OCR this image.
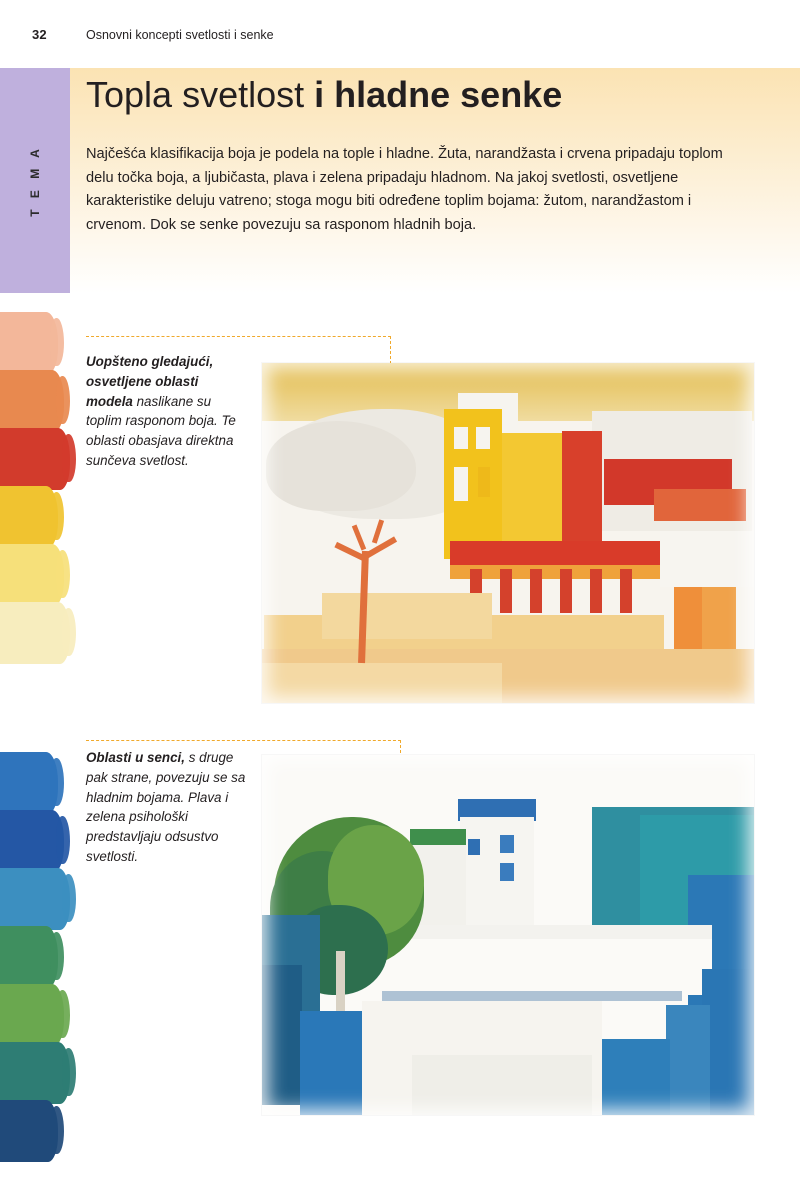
32	Osnovni koncepti svetlosti i senke
T E M A
Topla svetlost i hladne senke
Najčešća klasifikacija boja je podela na tople i hladne. Žuta, narandžasta i crvena pripadaju toplom delu točka boja, a ljubičasta, plava i zelena pripadaju hladnom. Na jakoj svetlosti, osvetljene karakteristike deluju vatreno; stoga mogu biti određene toplim bojama: žutom, narandžastom i crvenom. Dok se senke povezuju sa rasponom hladnih boja.
Uopšteno gledajući, osvetljene oblasti modela naslikane su toplim rasponom boja. Te oblasti obasjava direktna sunčeva svetlost.
Oblasti u senci, s druge pak strane, povezuju se sa hladnim bojama. Plava i zelena psihološki predstavljaju odsustvo svetlosti.
